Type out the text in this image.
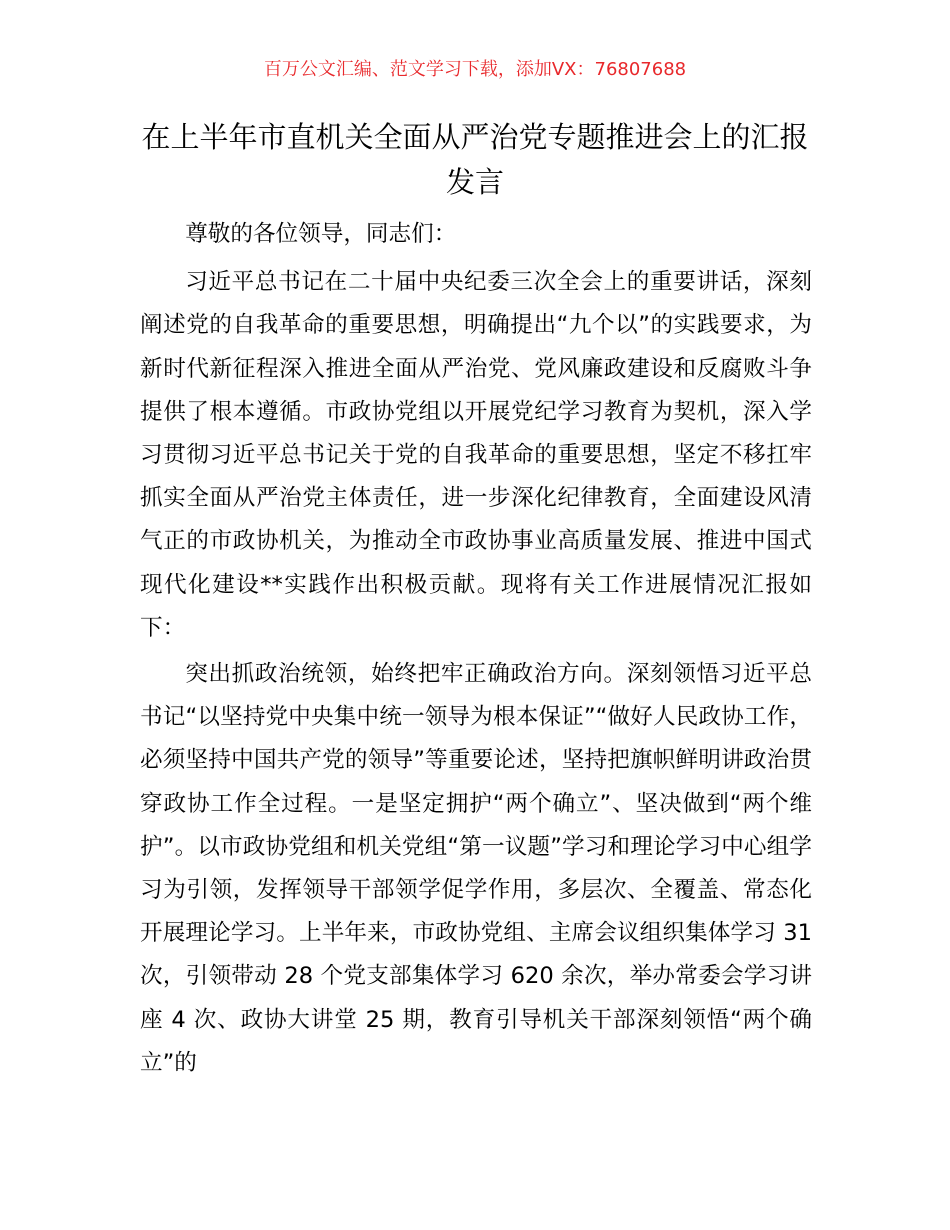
百万公文汇编、范文学习下载，添加VX：76807688
在上半年市直机关全面从严治党专题推进会上的汇报发言

尊敬的各位领导，同志们：

习近平总书记在二十届中央纪委三次全会上的重要讲话，深刻阐述党的自我革命的重要思想，明确提出“九个以”的实践要求，为新时代新征程深入推进全面从严治党、党风廉政建设和反腐败斗争提供了根本遵循。市政协党组以开展党纪学习教育为契机，深入学习贯彻习近平总书记关于党的自我革命的重要思想，坚定不移扛牢抓实全面从严治党主体责任，进一步深化纪律教育，全面建设风清气正的市政协机关，为推动全市政协事业高质量发展、推进中国式现代化建设**实践作出积极贡献。现将有关工作进展情况汇报如下：

突出抓政治统领，始终把牢正确政治方向。深刻领悟习近平总书记“以坚持党中央集中统一领导为根本保证”“做好人民政协工作，必须坚持中国共产党的领导”等重要论述，坚持把旗帜鲜明讲政治贯穿政协工作全过程。一是坚定拥护“两个确立”、坚决做到“两个维护”。以市政协党组和机关党组“第一议题”学习和理论学习中心组学习为引领，发挥领导干部领学促学作用，多层次、全覆盖、常态化开展理论学习。上半年来，市政协党组、主席会议组织集体学习 31 次，引领带动 28 个党支部集体学习 620 余次，举办常委会学习讲座 4 次、政协大讲堂 25 期，教育引导机关干部深刻领悟“两个确立”的
